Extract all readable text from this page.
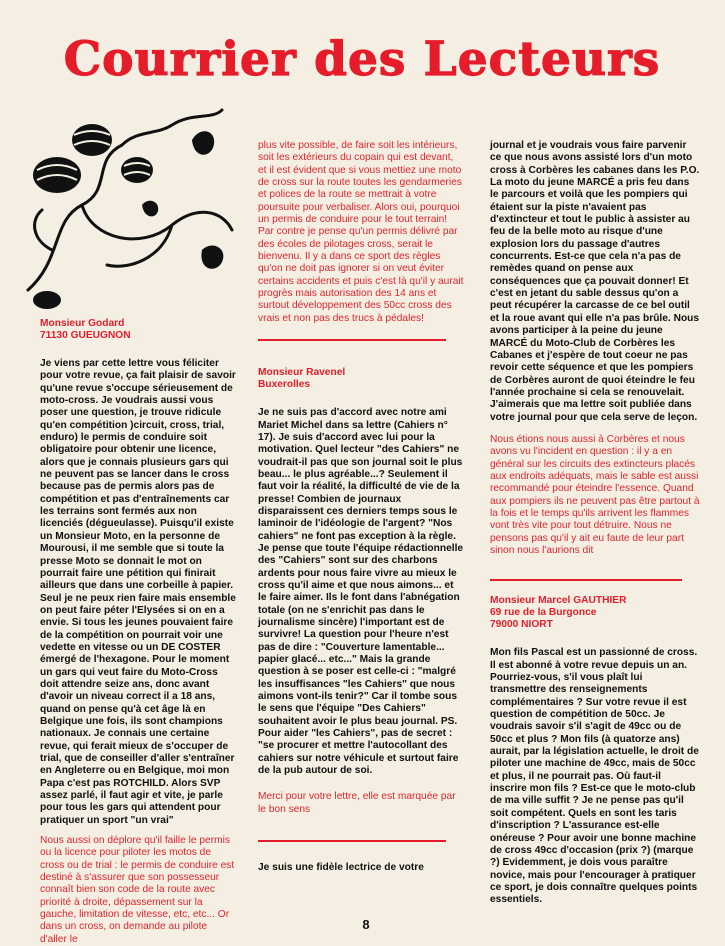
Courrier des Lecteurs

Monsieur Godard

71130 GUEUGNON

Je viens par cette lettre vous féliciter pour votre revue, ça fait plaisir de savoir qu'une revue s'occupe sérieusement de moto-cross. Je voudrais aussi vous poser une question, je trouve ridicule qu'en compétition )circuit, cross, trial, enduro) le permis de conduire soit obligatoire pour obtenir une licence, alors que je connais plusieurs gars qui ne peuvent pas se lancer dans le cross because pas de permis alors pas de compétition et pas d'entraînements car les terrains sont fermés aux non licenciés (dégueulasse). Puisqu'il existe un Monsieur Moto, en la personne de Mourousi, il me semble que si toute la presse Moto se donnait le mot on pourrait faire une pétition qui finirait ailleurs que dans une corbeille à papier. Seul je ne peux rien faire mais ensemble on peut faire péter l'Elysées si on en a envie. Si tous les jeunes pouvaient faire de la compétition on pourrait voir une vedette en vitesse ou un DE COSTER émergé de l'hexagone. Pour le moment un gars qui veut faire du Moto-Cross doit attendre seize ans, donc avant d'avoir un niveau correct il a 18 ans, quand on pense qu'à cet âge là en Belgique une fois, ils sont champions nationaux. Je connais une certaine revue, qui ferait mieux de s'occuper de trial, que de conseiller d'aller s'entraîner en Angleterre ou en Belgique, moi mon Papa c'est pas ROTCHILD. Alors SVP assez parlé, il faut agir et vite, je parle pour tous les gars qui attendent pour pratiquer un sport "un vrai"

Nous aussi on déplore qu'il faille le permis ou la licence pour piloter les motos de cross ou de trial : le permis de conduire est destiné à s'assurer que son possesseur connaît bien son code de la route avec priorité à droite, dépassement sur la gauche, limitation de vitesse, etc, etc... Or dans un cross, on demande au pilote d'aller le

plus vite possible, de faire soit les intérieurs, soit les extérieurs du copain qui est devant, et il est évident que si vous mettiez une moto de cross sur la route toutes les gendarmeries et polices de la route se mettrait à votre poursuite pour verbaliser. Alors oui, pourquoi un permis de conduire pour le tout terrain! Par contre je pense qu'un permis délivré par des écoles de pilotages cross, serait le bienvenu. Il y a dans ce sport des règles qu'on ne doit pas ignorer si on veut éviter certains accidents et puis c'est là qu'il y aurait progrès mais autorisation des 14 ans et surtout développement des 50cc cross des vrais et non pas des trucs à pédales!

Monsieur Ravenel

Buxerolles

Je ne suis pas d'accord avec notre ami Mariet Michel dans sa lettre (Cahiers n° 17). Je suis d'accord avec lui pour la motivation. Quel lecteur "des Cahiers" ne voudrait-il pas que son journal soit le plus beau... le plus agréable...? Seulement il faut voir la réalité, la difficulté de vie de la presse! Combien de journaux disparaissent ces derniers temps sous le laminoir de l'idéologie de l'argent? "Nos cahiers" ne font pas exception à la règle. Je pense que toute l'équipe rédactionnelle des "Cahiers" sont sur des charbons ardents pour nous faire vivre au mieux le cross qu'il aime et que nous aimons... et le faire aimer. Ils le font dans l'abnégation totale (on ne s'enrichit pas dans le journalisme sincère) l'important est de survivre! La question pour l'heure n'est pas de dire : "Couverture lamentable... papier glacé... etc..." Mais la grande question à se poser est celle-ci : "malgré les insuffisances "les Cahiers" que nous aimons vont-ils tenir?" Car il tombe sous le sens que l'équipe "Des Cahiers" souhaitent avoir le plus beau journal. PS. Pour aider "les Cahiers", pas de secret : "se procurer et mettre l'autocollant des cahiers sur notre véhicule et surtout faire de la pub autour de soi.

Merci pour votre lettre, elle est marquée par le bon sens

Je suis une fidèle lectrice de votre

journal et je voudrais vous faire parvenir ce que nous avons assisté lors d'un moto cross à Corbères les cabanes dans les P.O. La moto du jeune MARCÉ a pris feu dans le parcours et voilà que les pompiers qui étaient sur la piste n'avaient pas d'extincteur et tout le public à assister au feu de la belle moto au risque d'une explosion lors du passage d'autres concurrents. Est-ce que cela n'a pas de remèdes quand on pense aux conséquences que ça pouvait donner! Et c'est en jetant du sable dessus qu'on a peut récupérer la carcasse de ce bel outil et la roue avant qui elle n'a pas brûle. Nous avons participer à la peine du jeune MARCÉ du Moto-Club de Corbères les Cabanes et j'espère de tout coeur ne pas revoir cette séquence et que les pompiers de Corbères auront de quoi éteindre le feu l'année prochaine si cela se renouvelait. J'aimerais que ma lettre soit publiée dans votre journal pour que cela serve de leçon.

Nous étions nous aussi à Corbères et nous avons vu l'incident en question : il y a en général sur les circuits des extincteurs placés aux endroits adéquats, mais le sable est aussi recommandé pour éteindre l'essence. Quand aux pompiers ils ne peuvent pas être partout à la fois et le temps qu'ils arrivent les flammes vont très vite pour tout détruire. Nous ne pensons pas qu'il y ait eu faute de leur part sinon nous l'aurions dit

Monsieur Marcel GAUTHIER

69 rue de la Burgonce

79000 NIORT

Mon fils Pascal est un passionné de cross. Il est abonné à votre revue depuis un an. Pourriez-vous, s'il vous plaît lui transmettre des renseignements complémentaires ? Sur votre revue il est question de compétition de 50cc. Je voudrais savoir s'il s'agit de 49cc ou de 50cc et plus ? Mon fils (à quatorze ans) aurait, par la législation actuelle, le droit de piloter une machine de 49cc, mais de 50cc et plus, il ne pourrait pas. Où faut-il inscrire mon fils ? Est-ce que le moto-club de ma ville suffit ? Je ne pense pas qu'il soit compétent. Quels en sont les taris d'inscription ? L'assurance est-elle onéreuse ? Pour avoir une bonne machine de cross 49cc d'occasion (prix ?) (marque ?) Evidemment, je dois vous paraître novice, mais pour l'encourager à pratiquer ce sport, je dois connaître quelques points essentiels.

8
